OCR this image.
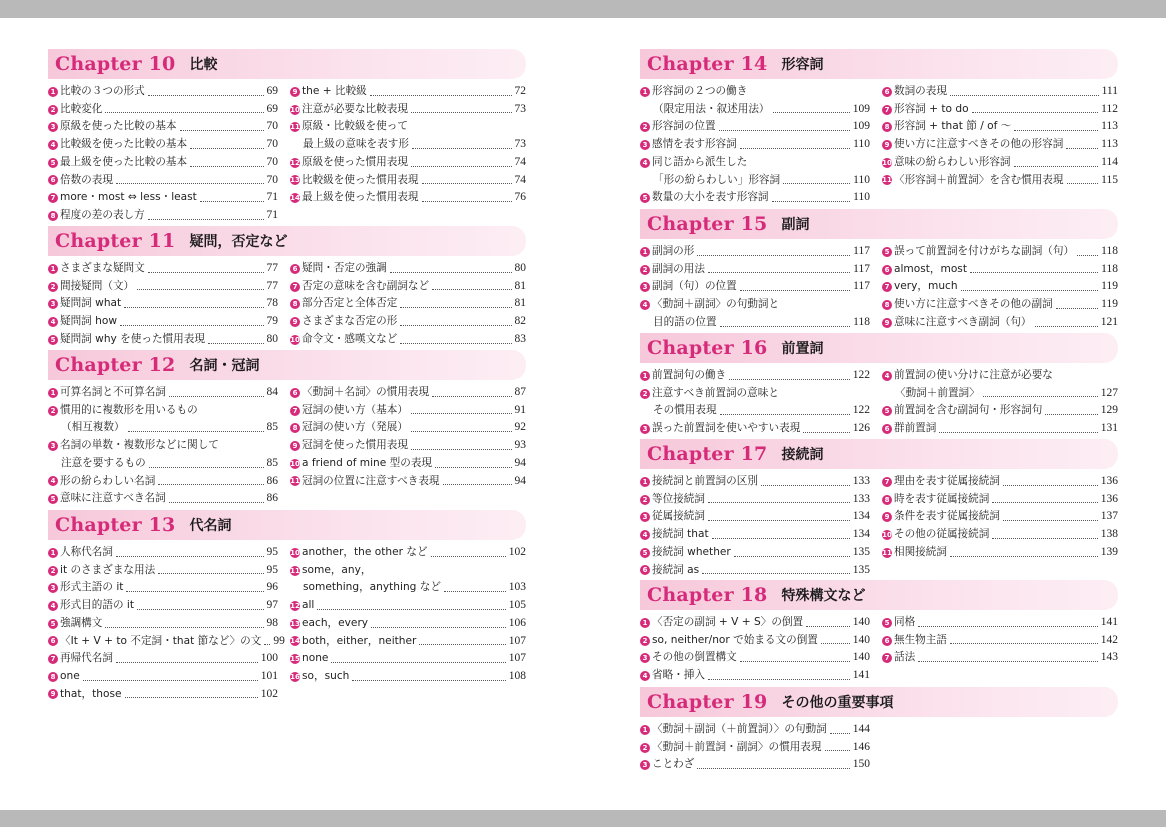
Chapter 10 比較
1 比較の３つの形式	69
2 比較変化	69
3 原級を使った比較の基本	70
4 比較級を使った比較の基本	70
5 最上級を使った比較の基本	70
6 倍数の表現	70
7 more・most ⇔ less・least	71
8 程度の差の表し方	71
9 the + 比較級	72
10 注意が必要な比較表現	73
11 原級・比較級を使って
最上級の意味を表す形	73
12 原級を使った慣用表現	74
13 比較級を使った慣用表現	74
14 最上級を使った慣用表現	76
Chapter 11 疑問，否定など
1 さまざまな疑問文	77
2 間接疑問（文）	77
3 疑問詞 what	78
4 疑問詞 how	79
5 疑問詞 why を使った慣用表現	80
6 疑問・否定の強調	80
7 否定の意味を含む副詞など	81
8 部分否定と全体否定	81
9 さまざまな否定の形	82
10 命令文・感嘆文など	83
Chapter 12 名詞・冠詞
1 可算名詞と不可算名詞	84
2 慣用的に複数形を用いるもの
（相互複数）	85
3 名詞の単数・複数形などに関して
注意を要するもの	85
4 形の紛らわしい名詞	86
5 意味に注意すべき名詞	86
6 〈動詞＋名詞〉の慣用表現	87
7 冠詞の使い方（基本）	91
8 冠詞の使い方（発展）	92
9 冠詞を使った慣用表現	93
10 a friend of mine 型の表現	94
11 冠詞の位置に注意すべき表現	94
Chapter 13 代名詞
1 人称代名詞	95
2 it のさまざまな用法	95
3 形式主語の it	96
4 形式目的語の it	97
5 強調構文	98
6 〈It + V + to 不定詞・that 節など〉の文 99
7 再帰代名詞	100
8 one	101
9 that，those	102
10 another，the other など	102
11 some，any，
something，anything など	103
12 all	105
13 each，every	106
14 both，either，neither	107
15 none	107
16 so，such	108
Chapter 14 形容詞
1 形容詞の２つの働き
（限定用法・叙述用法）	109
2 形容詞の位置	109
3 感情を表す形容詞	110
4 同じ語から派生した
「形の紛らわしい」形容詞	110
5 数量の大小を表す形容詞	110
6 数詞の表現	111
7 形容詞 + to do	112
8 形容詞 + that 節 / of 〜	113
9 使い方に注意すべきその他の形容詞	113
10 意味の紛らわしい形容詞	114
11 〈形容詞＋前置詞〉を含む慣用表現	115
Chapter 15 副詞
1 副詞の形	117
2 副詞の用法	117
3 副詞（句）の位置	117
4 〈動詞＋副詞〉の句動詞と
目的語の位置	118
5 誤って前置詞を付けがちな副詞（句） 118
6 almost，most	118
7 very，much	119
8 使い方に注意すべきその他の副詞	119
9 意味に注意すべき副詞（句）	121
Chapter 16 前置詞
1 前置詞句の働き	122
2 注意すべき前置詞の意味と
その慣用表現	122
3 誤った前置詞を使いやすい表現	126
4 前置詞の使い分けに注意が必要な
〈動詞＋前置詞〉	127
5 前置詞を含む副詞句・形容詞句	129
6 群前置詞	131
Chapter 17 接続詞
1 接続詞と前置詞の区別	133
2 等位接続詞	133
3 従属接続詞	134
4 接続詞 that	134
5 接続詞 whether	135
6 接続詞 as	135
7 理由を表す従属接続詞	136
8 時を表す従属接続詞	136
9 条件を表す従属接続詞	137
10 その他の従属接続詞	138
11 相関接続詞	139
Chapter 18 特殊構文など
1 〈否定の副詞 + V + S〉の倒置	140
2 so, neither/nor で始まる文の倒置	140
3 その他の倒置構文	140
4 省略・挿入	141
5 同格	141
6 無生物主語	142
7 話法	143
Chapter 19 その他の重要事項
1 〈動詞＋副詞（＋前置詞）〉の句動詞 144
2 〈動詞＋前置詞・副詞〉の慣用表現	146
3 ことわざ	150
